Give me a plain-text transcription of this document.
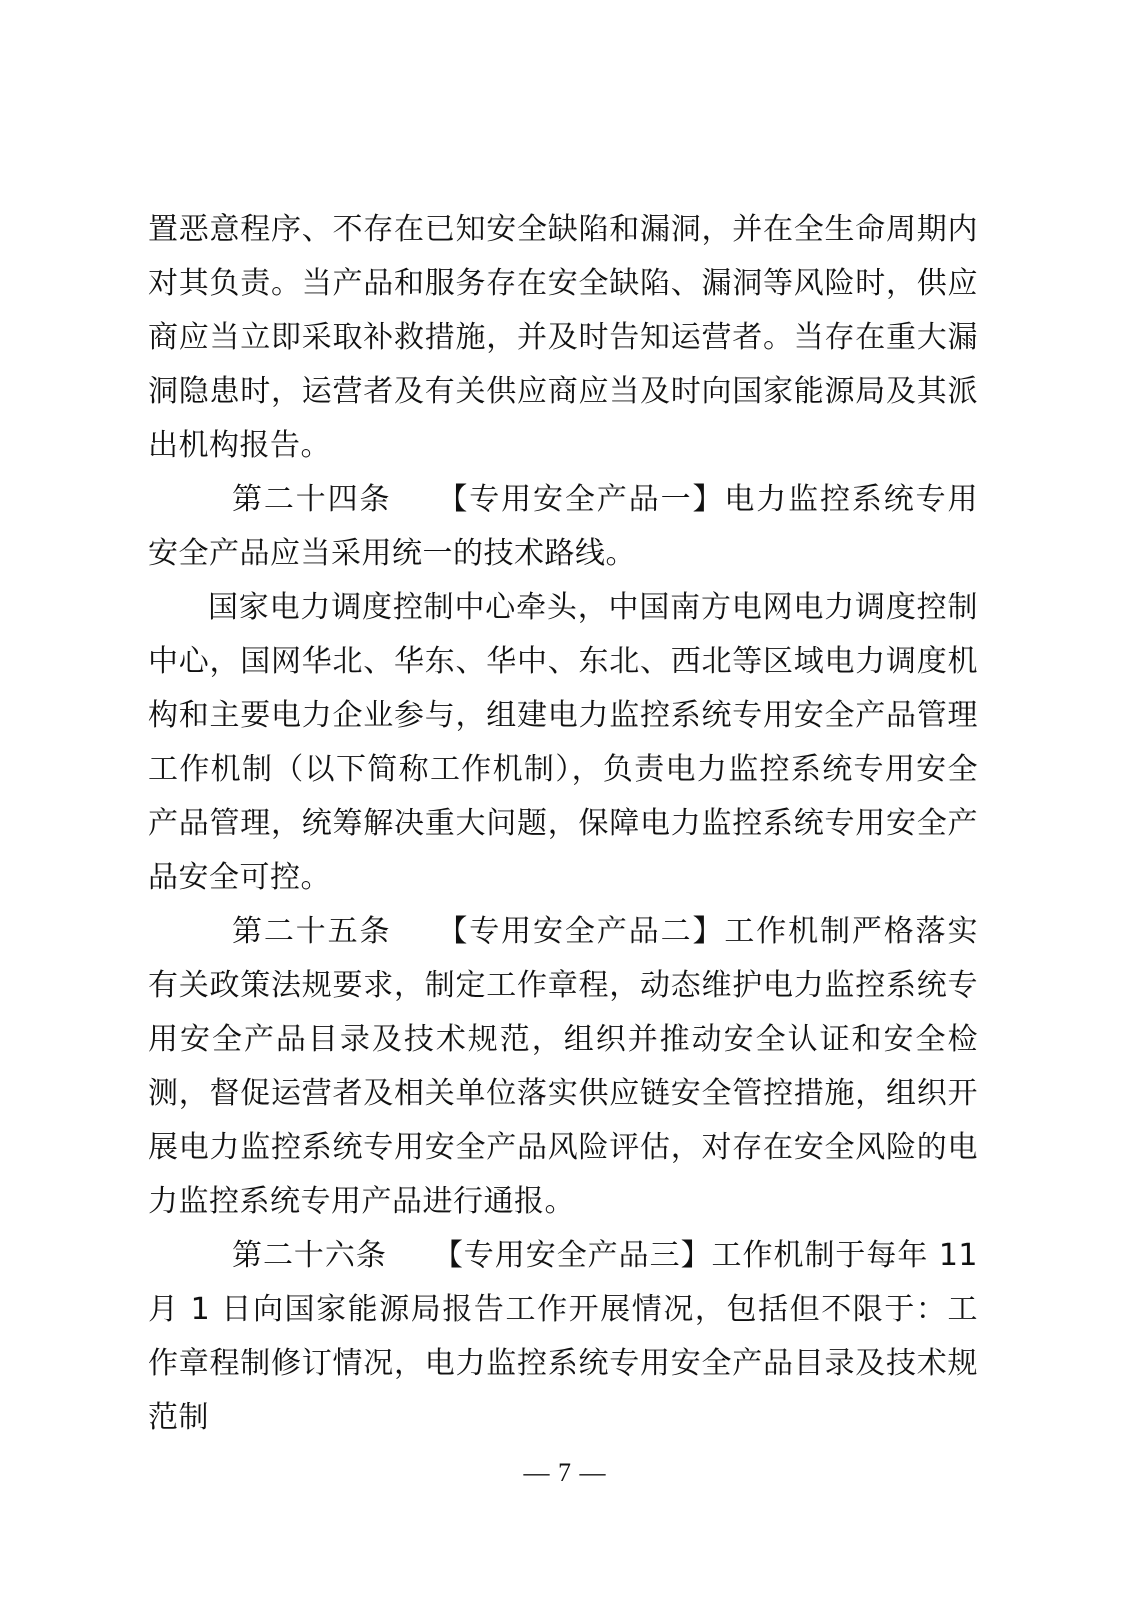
置恶意程序、不存在已知安全缺陷和漏洞，并在全生命周期内对其负责。当产品和服务存在安全缺陷、漏洞等风险时，供应商应当立即采取补救措施，并及时告知运营者。当存在重大漏洞隐患时，运营者及有关供应商应当及时向国家能源局及其派出机构报告。

第二十四条 【专用安全产品一】电力监控系统专用安全产品应当采用统一的技术路线。

国家电力调度控制中心牵头，中国南方电网电力调度控制中心，国网华北、华东、华中、东北、西北等区域电力调度机构和主要电力企业参与，组建电力监控系统专用安全产品管理工作机制（以下简称工作机制），负责电力监控系统专用安全产品管理，统筹解决重大问题，保障电力监控系统专用安全产品安全可控。

第二十五条 【专用安全产品二】工作机制严格落实有关政策法规要求，制定工作章程，动态维护电力监控系统专用安全产品目录及技术规范，组织并推动安全认证和安全检测，督促运营者及相关单位落实供应链安全管控措施，组织开展电力监控系统专用安全产品风险评估，对存在安全风险的电力监控系统专用产品进行通报。

第二十六条 【专用安全产品三】工作机制于每年 11 月 1 日向国家能源局报告工作开展情况，包括但不限于：工作章程制修订情况，电力监控系统专用安全产品目录及技术规范制

— 7 —
